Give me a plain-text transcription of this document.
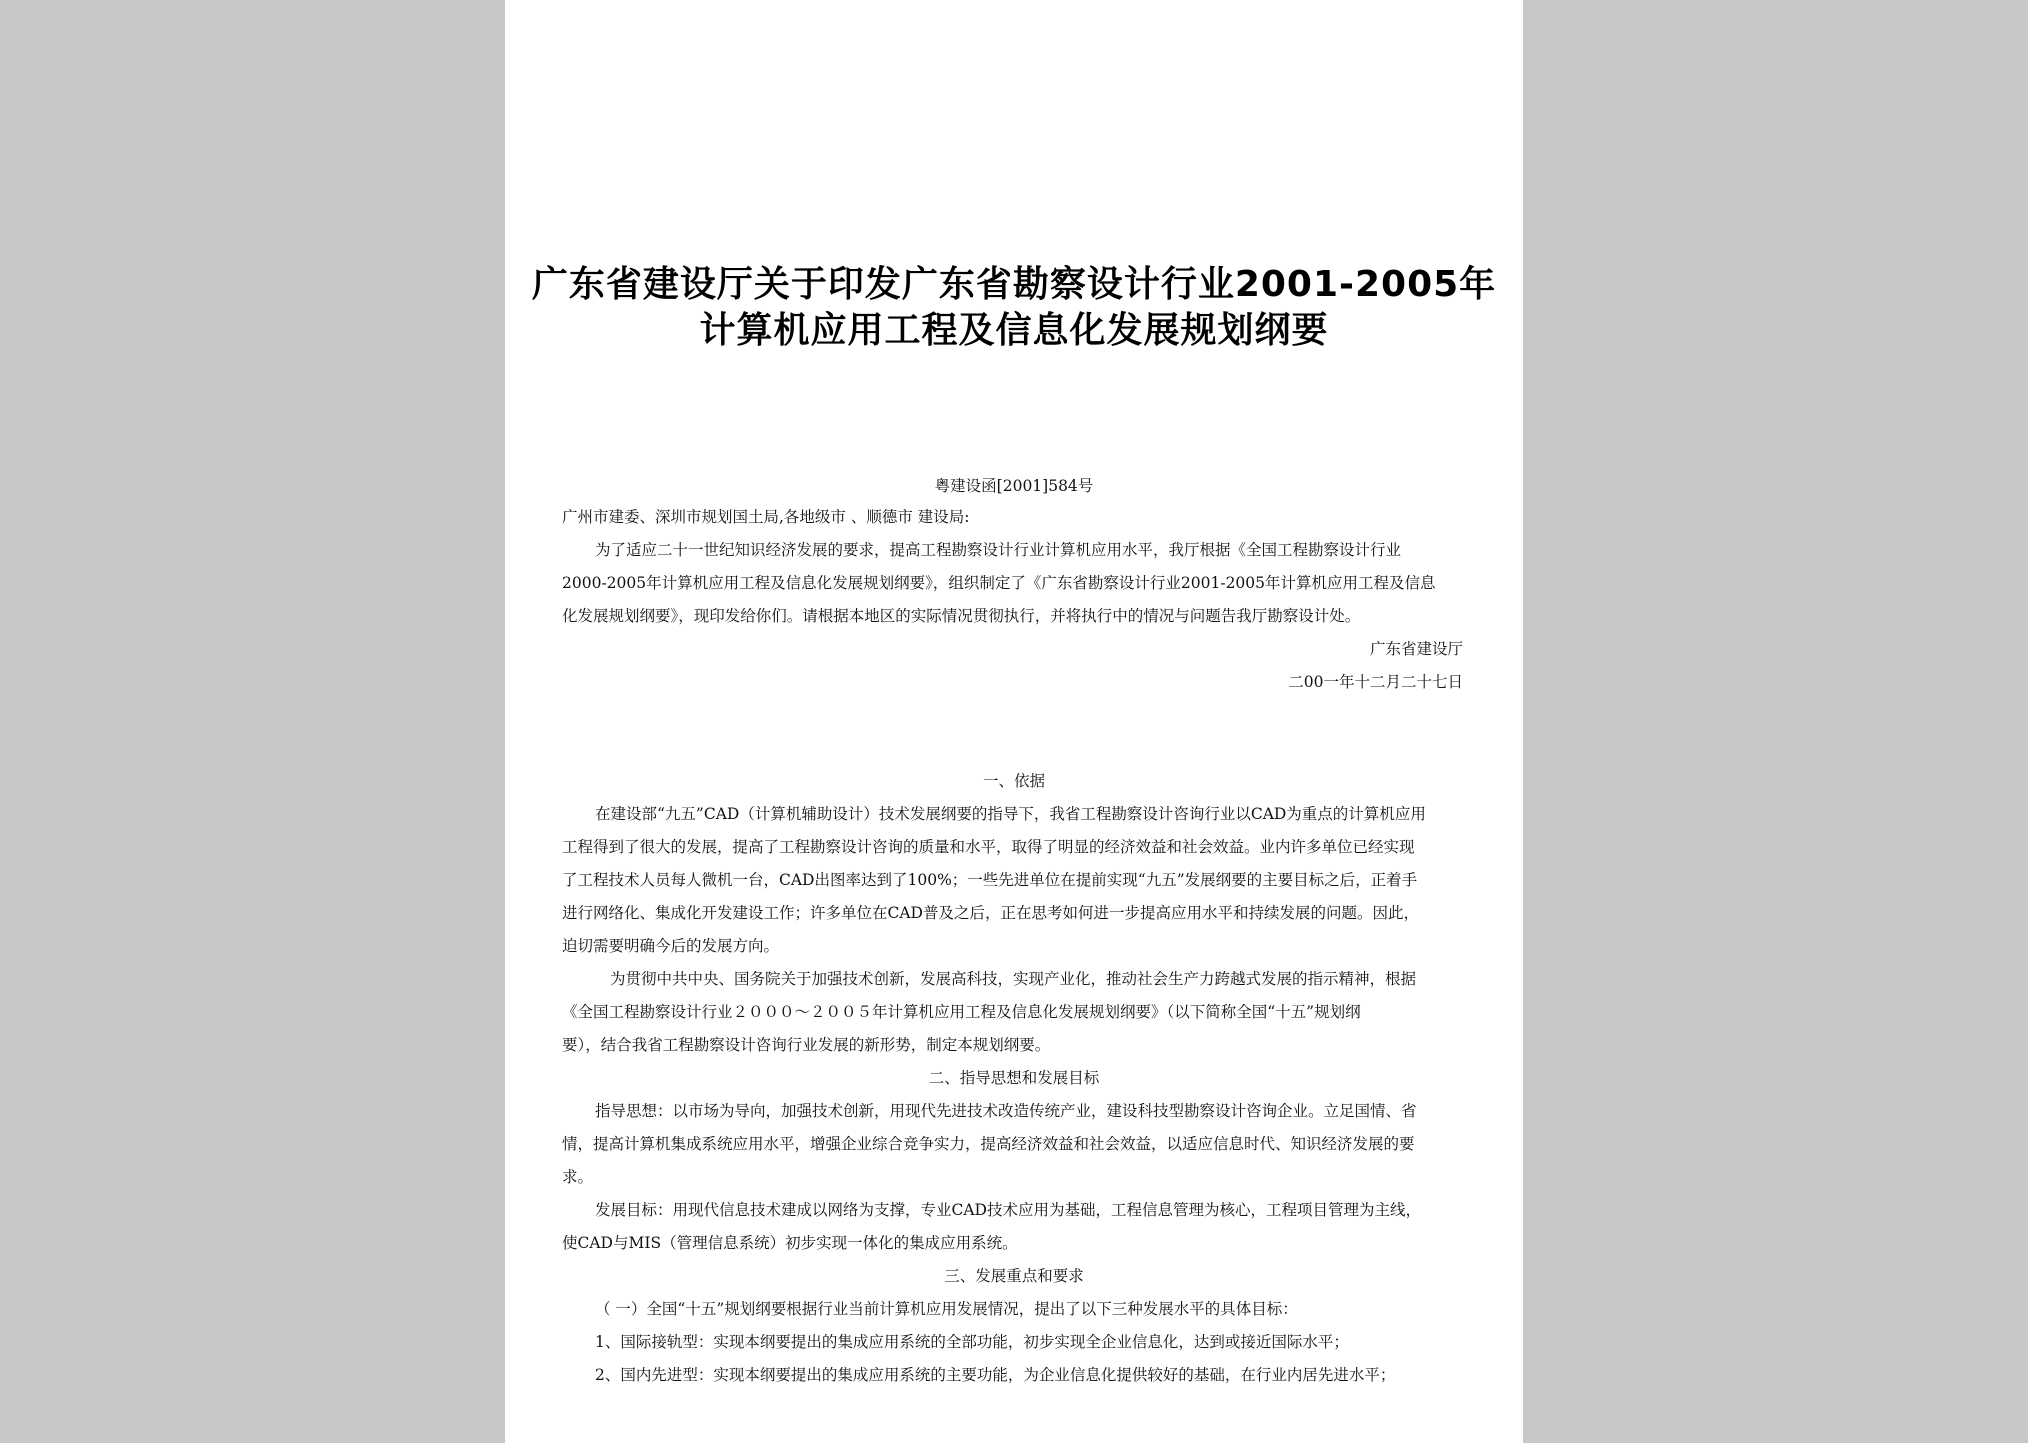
广东省建设厅关于印发广东省勘察设计行业2001-2005年
计算机应用工程及信息化发展规划纲要
粤建设函[2001]584号
广州市建委、深圳市规划国土局,各地级市 、顺德市 建设局:
为了适应二十一世纪知识经济发展的要求，提高工程勘察设计行业计算机应用水平，我厅根据《全国工程勘察设计行业
2000-2005年计算机应用工程及信息化发展规划纲要》，组织制定了《广东省勘察设计行业2001-2005年计算机应用工程及信息
化发展规划纲要》，现印发给你们。请根据本地区的实际情况贯彻执行，并将执行中的情况与问题告我厅勘察设计处。
广东省建设厅
二00一年十二月二十七日
一、依据
在建设部“九五”CAD（计算机辅助设计）技术发展纲要的指导下，我省工程勘察设计咨询行业以CAD为重点的计算机应用
工程得到了很大的发展，提高了工程勘察设计咨询的质量和水平，取得了明显的经济效益和社会效益。业内许多单位已经实现
了工程技术人员每人微机一台，CAD出图率达到了100%；一些先进单位在提前实现“九五”发展纲要的主要目标之后，正着手
进行网络化、集成化开发建设工作；许多单位在CAD普及之后，正在思考如何进一步提高应用水平和持续发展的问题。因此，
迫切需要明确今后的发展方向。
为贯彻中共中央、国务院关于加强技术创新，发展高科技，实现产业化，推动社会生产力跨越式发展的指示精神，根据
《全国工程勘察设计行业２０００～２００５年计算机应用工程及信息化发展规划纲要》（以下简称全国“十五”规划纲
要），结合我省工程勘察设计咨询行业发展的新形势，制定本规划纲要。
二、指导思想和发展目标
指导思想：以市场为导向，加强技术创新，用现代先进技术改造传统产业，建设科技型勘察设计咨询企业。立足国情、省
情，提高计算机集成系统应用水平，增强企业综合竞争实力，提高经济效益和社会效益，以适应信息时代、知识经济发展的要
求。
发展目标：用现代信息技术建成以网络为支撑，专业CAD技术应用为基础，工程信息管理为核心，工程项目管理为主线，
使CAD与MIS（管理信息系统）初步实现一体化的集成应用系统。
三、发展重点和要求
（ 一）全国“十五”规划纲要根据行业当前计算机应用发展情况，提出了以下三种发展水平的具体目标：
1、国际接轨型：实现本纲要提出的集成应用系统的全部功能，初步实现全企业信息化，达到或接近国际水平；
2、国内先进型：实现本纲要提出的集成应用系统的主要功能，为企业信息化提供较好的基础，在行业内居先进水平；
